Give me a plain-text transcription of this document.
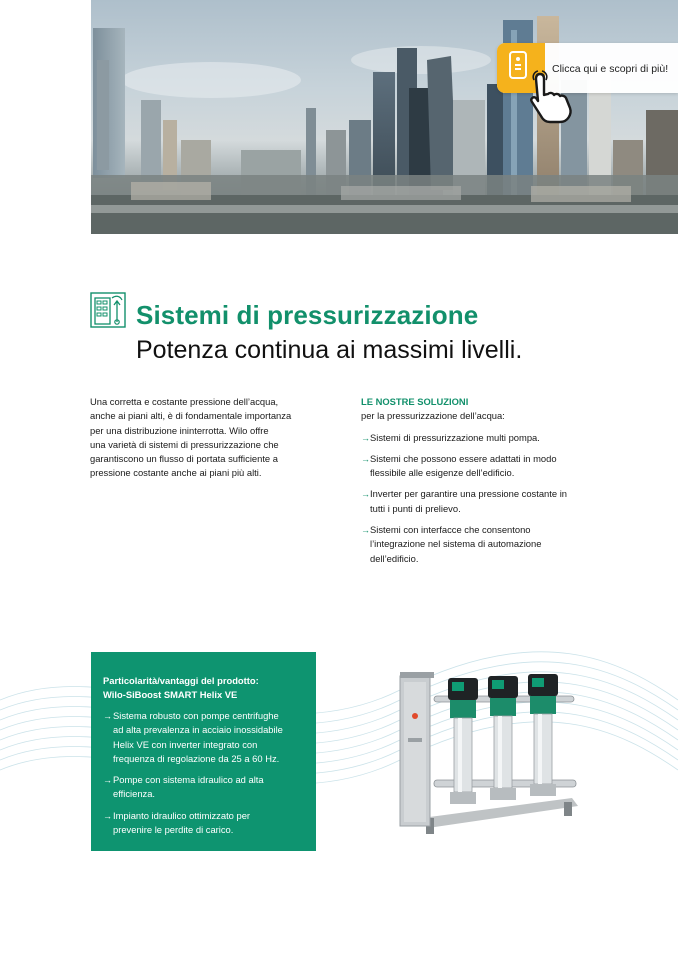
Clicca qui e scopri di più!
Sistemi di pressurizzazione
Potenza continua ai massimi livelli.
Una corretta e costante pressione dell’acqua,
anche ai piani alti, è di fondamentale importanza
per una distribuzione ininterrotta. Wilo offre
una varietà di sistemi di pressurizzazione che
garantiscono un flusso di portata sufficiente a
pressione costante anche ai piani più alti.
LE NOSTRE SOLUZIONI
per la pressurizzazione dell’acqua:
→ Sistemi di pressurizzazione multi pompa.
→ Sistemi che possono essere adattati in modo
flessibile alle esigenze dell’edificio.
→ Inverter per garantire una pressione costante in
tutti i punti di prelievo.
→ Sistemi con interfacce che consentono
l’integrazione nel sistema di automazione
dell’edificio.
Particolarità/vantaggi del prodotto:
Wilo-SiBoost SMART Helix VE
→ Sistema robusto con pompe centrifughe
ad alta prevalenza in acciaio inossidabile
Helix VE con inverter integrato con
frequenza di regolazione da 25 a 60 Hz.
→ Pompe con sistema idraulico ad alta
efficienza.
→ Impianto idraulico ottimizzato per
prevenire le perdite di carico.
